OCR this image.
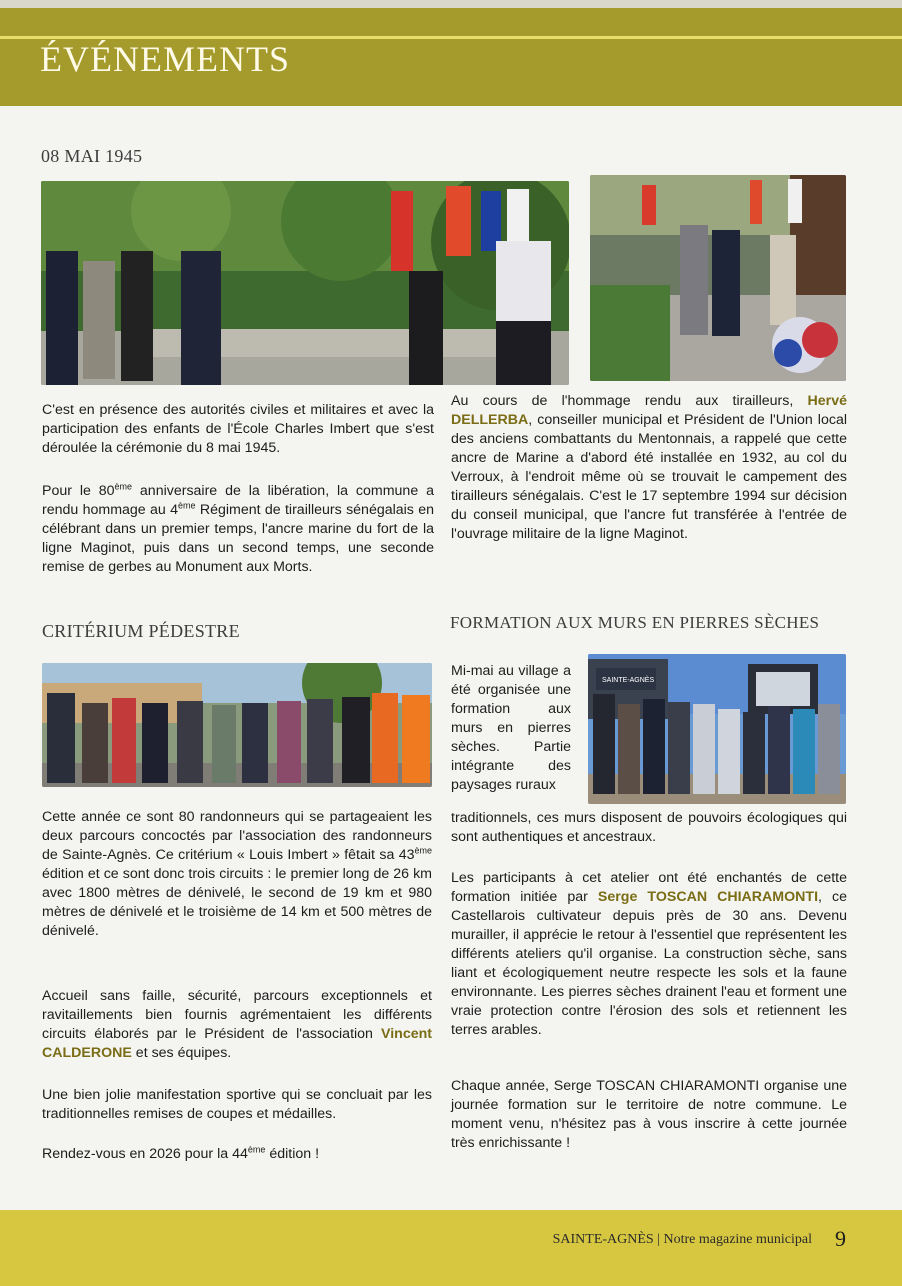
ÉVÉNEMENTS
08 MAI 1945

C'est en présence des autorités civiles et militaires et avec la participation des enfants de l'École Charles Imbert que s'est déroulée la cérémonie du 8 mai 1945.

Pour le 80ème anniversaire de la libération, la commune a rendu hommage au 4ème Régiment de tirailleurs sénégalais en célébrant dans un premier temps, l'ancre marine du fort de la ligne Maginot, puis dans un second temps, une seconde remise de gerbes au Monument aux Morts.

Au cours de l'hommage rendu aux tirailleurs, Hervé DELLERBA, conseiller municipal et Président de l'Union local des anciens combattants du Mentonnais, a rappelé que cette ancre de Marine a d'abord été installée en 1932, au col du Verroux, à l'endroit même où se trouvait le campement des tirailleurs sénégalais. C'est le 17 septembre 1994 sur décision du conseil municipal, que l'ancre fut transférée à l'entrée de l'ouvrage militaire de la ligne Maginot.

CRITÉRIUM PÉDESTRE

Cette année ce sont 80 randonneurs qui se partageaient les deux parcours concoctés par l'association des randonneurs de Sainte-Agnès. Ce critérium « Louis Imbert » fêtait sa 43ème édition et ce sont donc trois circuits : le premier long de 26 km avec 1800 mètres de dénivelé, le second de 19 km et 980 mètres de dénivelé et le troisième de 14 km et 500 mètres de dénivelé.

Accueil sans faille, sécurité, parcours exceptionnels et ravitaillements bien fournis agrémentaient les différents circuits élaborés par le Président de l'association Vincent CALDERONE et ses équipes.

Une bien jolie manifestation sportive qui se concluait par les traditionnelles remises de coupes et médailles.

Rendez-vous en 2026 pour la 44ème édition !

FORMATION AUX MURS EN PIERRES SÈCHES

Mi-mai au village a été organisée une formation aux murs en pierres sèches. Partie intégrante des paysages ruraux

SAINTE-AGNÈS

traditionnels, ces murs disposent de pouvoirs écologiques qui sont authentiques et ancestraux.

Les participants à cet atelier ont été enchantés de cette formation initiée par Serge TOSCAN CHIARAMONTI, ce Castellarois cultivateur depuis près de 30 ans. Devenu murailler, il apprécie le retour à l'essentiel que représentent les différents ateliers qu'il organise. La construction sèche, sans liant et écologiquement neutre respecte les sols et la faune environnante. Les pierres sèches drainent l'eau et forment une vraie protection contre l'érosion des sols et retiennent les terres arables.

Chaque année, Serge TOSCAN CHIARAMONTI organise une journée formation sur le territoire de notre commune. Le moment venu, n'hésitez pas à vous inscrire à cette journée très enrichissante !

SAINTE-AGNÈS | Notre magazine municipal 9
